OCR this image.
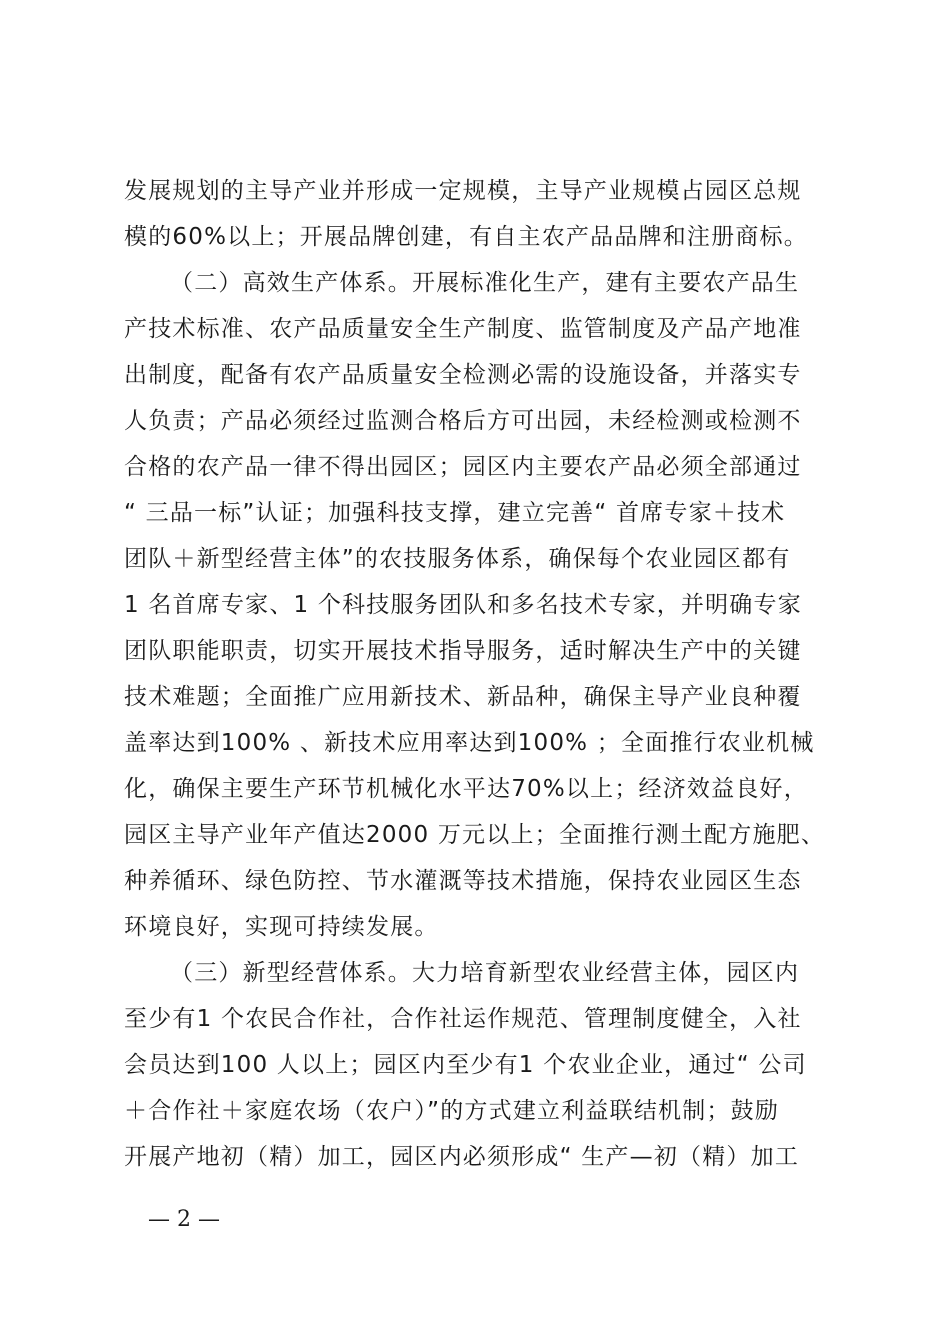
发展规划的主导产业并形成一定规模，主导产业规模占园区总规
模的60%以上；开展品牌创建，有自主农产品品牌和注册商标。
（二）高效生产体系。开展标准化生产，建有主要农产品生
产技术标准、农产品质量安全生产制度、监管制度及产品产地准
出制度，配备有农产品质量安全检测必需的设施设备，并落实专
人负责；产品必须经过监测合格后方可出园，未经检测或检测不
合格的农产品一律不得出园区；园区内主要农产品必须全部通过
“ 三品一标”认证；加强科技支撑，建立完善“ 首席专家＋技术
团队＋新型经营主体”的农技服务体系，确保每个农业园区都有
1 名首席专家、1 个科技服务团队和多名技术专家，并明确专家
团队职能职责，切实开展技术指导服务，适时解决生产中的关键
技术难题；全面推广应用新技术、新品种，确保主导产业良种覆
盖率达到100% 、新技术应用率达到100% ；全面推行农业机械
化，确保主要生产环节机械化水平达70%以上；经济效益良好，
园区主导产业年产值达2000 万元以上；全面推行测土配方施肥、
种养循环、绿色防控、节水灌溉等技术措施，保持农业园区生态
环境良好，实现可持续发展。
（三）新型经营体系。大力培育新型农业经营主体，园区内
至少有1 个农民合作社，合作社运作规范、管理制度健全，入社
会员达到100 人以上；园区内至少有1 个农业企业，通过“ 公司
＋合作社＋家庭农场（农户）”的方式建立利益联结机制；鼓励
开展产地初（精）加工，园区内必须形成“ 生产—初（精）加工
— 2 —
